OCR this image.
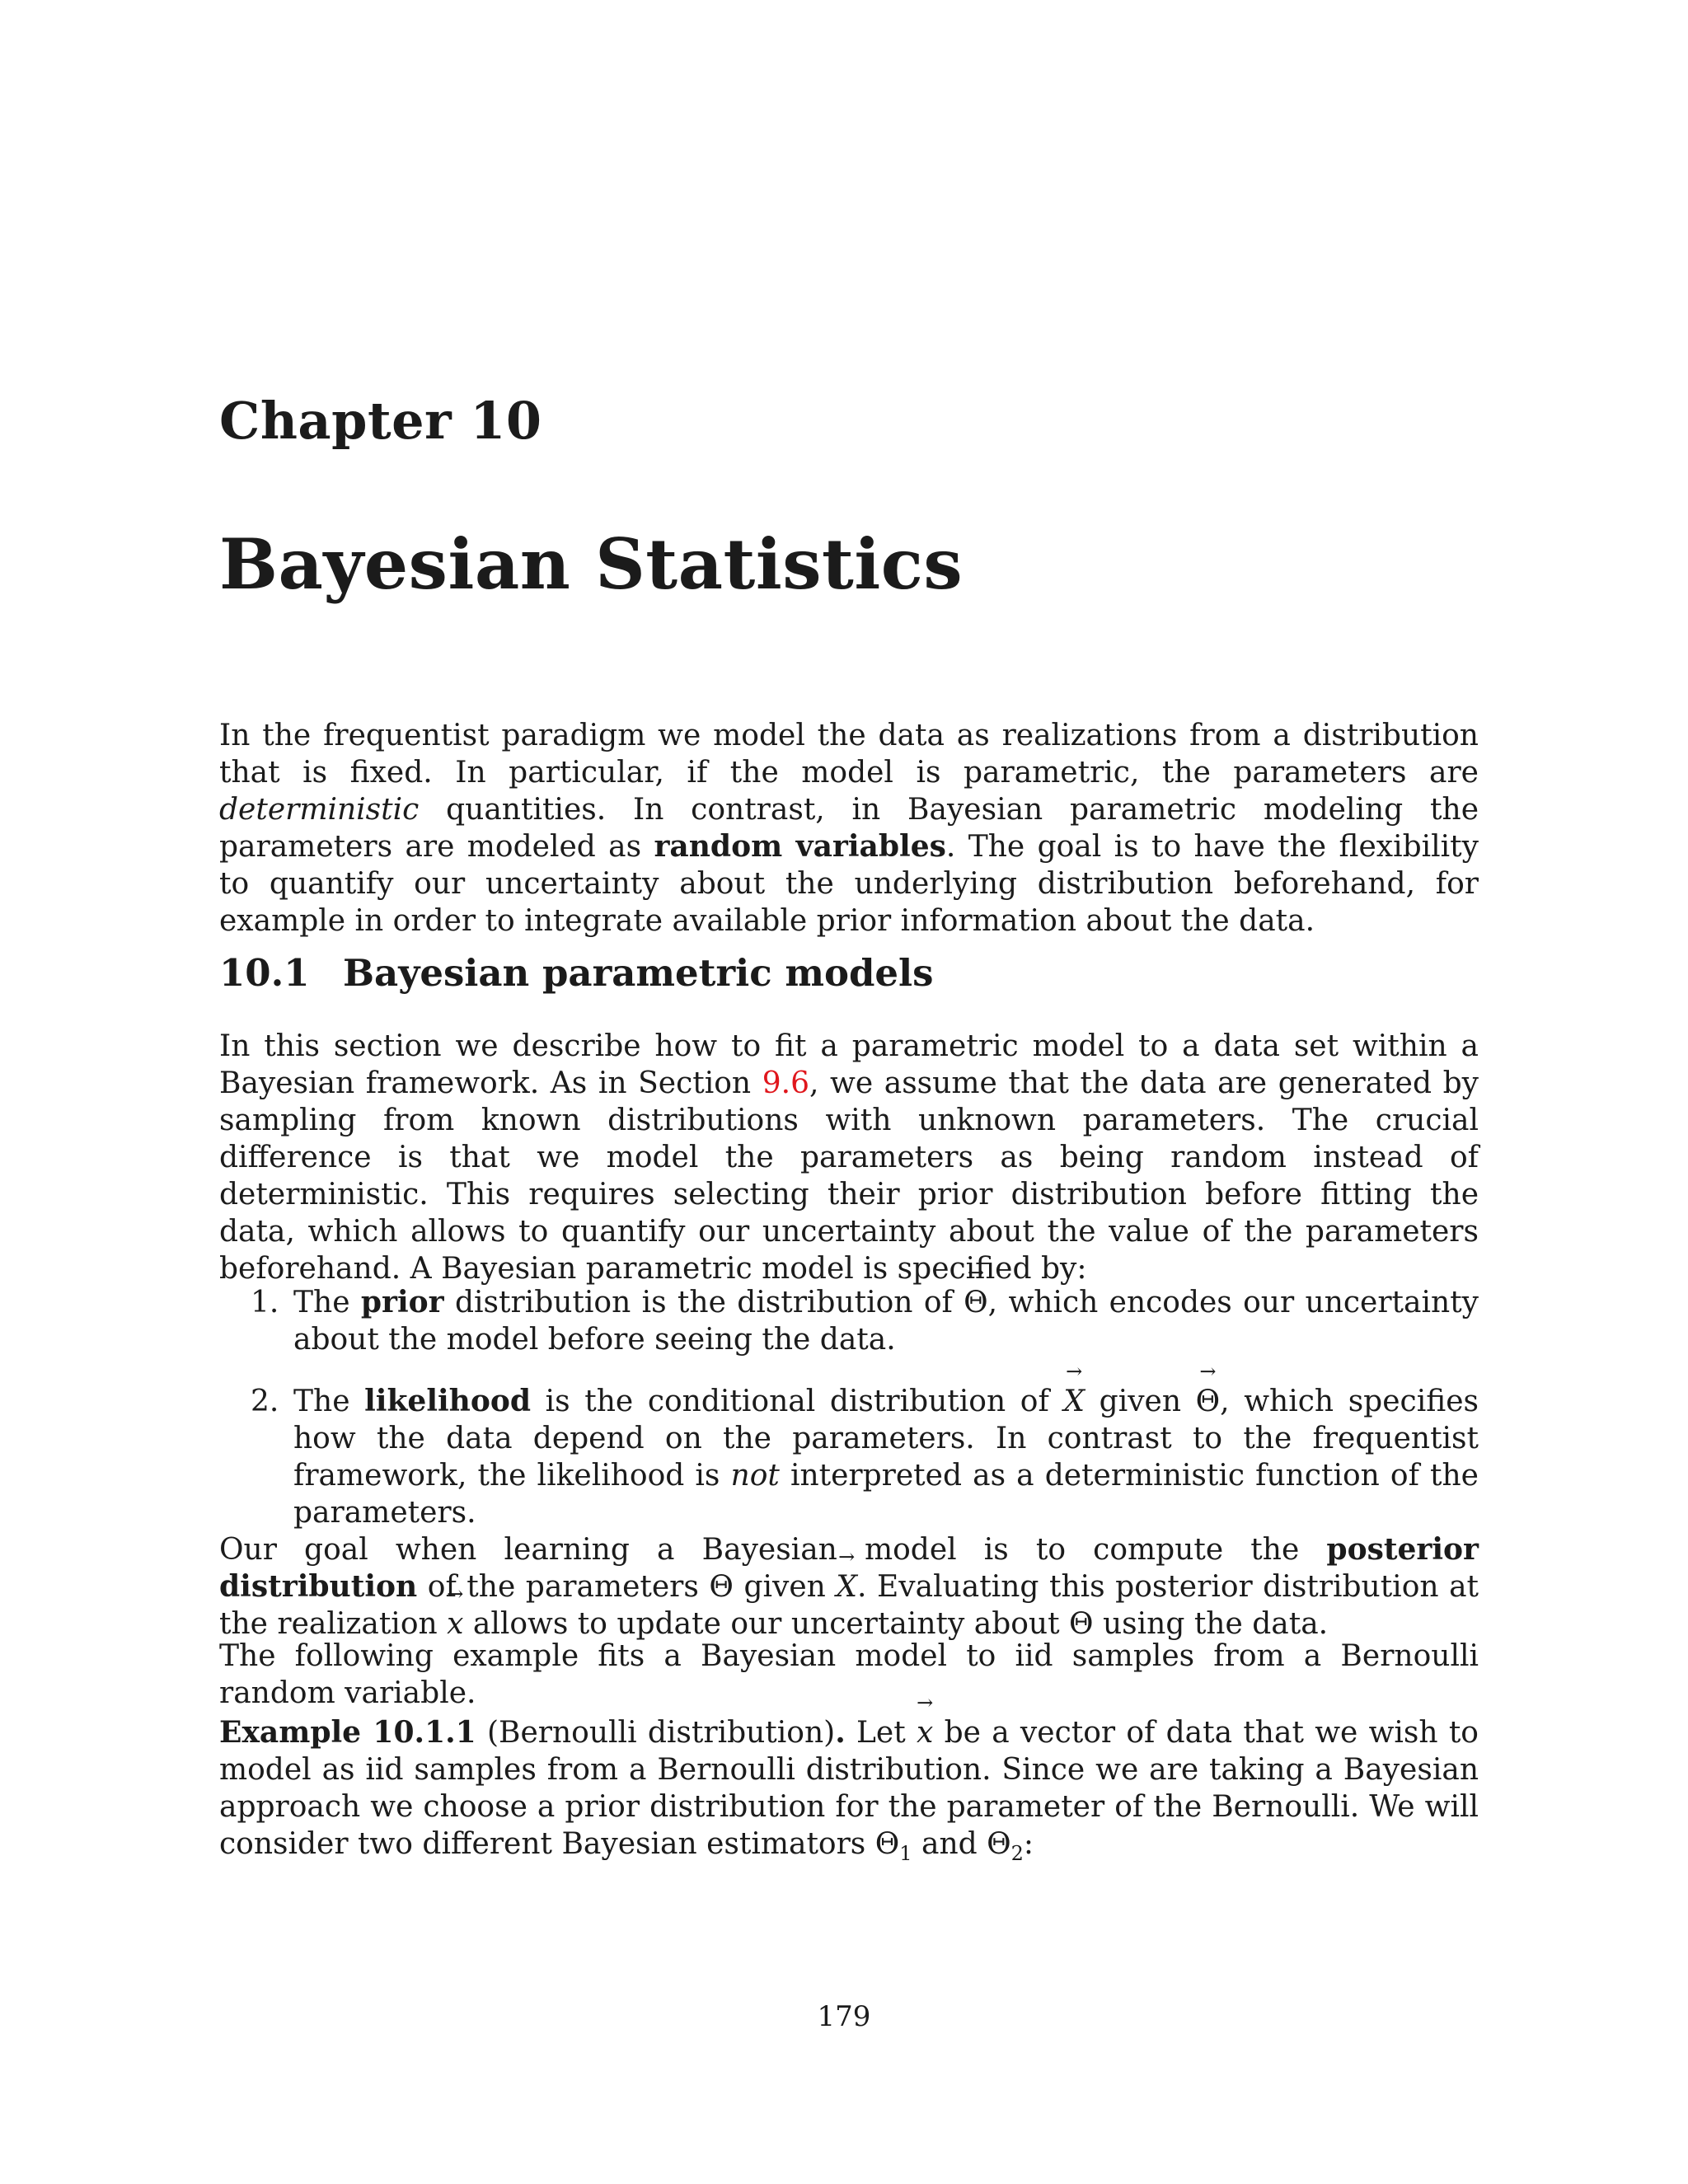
Chapter 10
Bayesian Statistics

In the frequentist paradigm we model the data as realizations from a distribution that is fixed. In particular, if the model is parametric, the parameters are deterministic quantities. In contrast, in Bayesian parametric modeling the parameters are modeled as random variables. The goal is to have the flexibility to quantify our uncertainty about the underlying distribution beforehand, for example in order to integrate available prior information about the data.

10.1 Bayesian parametric models

In this section we describe how to fit a parametric model to a data set within a Bayesian framework. As in Section 9.6, we assume that the data are generated by sampling from known distributions with unknown parameters. The crucial difference is that we model the parameters as being random instead of deterministic. This requires selecting their prior distribution before fitting the data, which allows to quantify our uncertainty about the value of the parameters beforehand. A Bayesian parametric model is specified by:

1. The prior distribution is the distribution of → Θ, which encodes our uncertainty about the model before seeing the data.
2. The likelihood is the conditional distribution of → X given → Θ, which specifies how the data depend on the parameters. In contrast to the frequentist framework, the likelihood is not interpreted as a deterministic function of the parameters.

Our goal when learning a Bayesian model is to compute the posterior distribution of the parameters Θ given → X. Evaluating this posterior distribution at the realization → x allows to update our uncertainty about Θ using the data.

The following example fits a Bayesian model to iid samples from a Bernoulli random variable.

Example 10.1.1 (Bernoulli distribution). Let → x be a vector of data that we wish to model as iid samples from a Bernoulli distribution. Since we are taking a Bayesian approach we choose a prior distribution for the parameter of the Bernoulli. We will consider two different Bayesian estimators $\Theta_1$ and $\Theta_2$:

179
